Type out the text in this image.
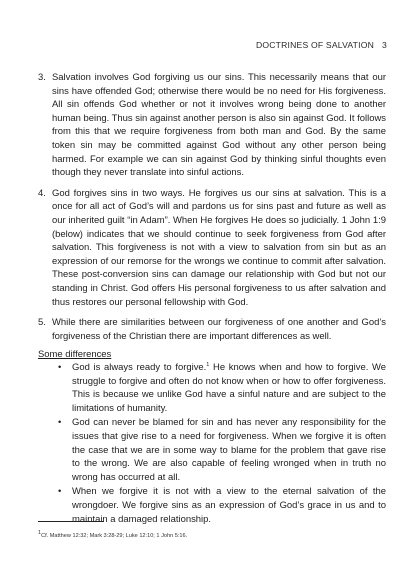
DOCTRINES OF SALVATION 3
3. Salvation involves God forgiving us our sins. This necessarily means that our sins have offended God; otherwise there would be no need for His forgiveness. All sin offends God whether or not it involves wrong being done to another human being. Thus sin against another person is also sin against God. It follows from this that we require forgiveness from both man and God. By the same token sin may be committed against God without any other person being harmed. For example we can sin against God by thinking sinful thoughts even though they never translate into sinful actions.
4. God forgives sins in two ways. He forgives us our sins at salvation. This is a once for all act of God’s will and pardons us for sins past and future as well as our inherited guilt “in Adam”. When He forgives He does so judicially. 1 John 1:9 (below) indicates that we should continue to seek forgiveness from God after salvation. This forgiveness is not with a view to salvation from sin but as an expression of our remorse for the wrongs we continue to commit after salvation. These post-conversion sins can damage our relationship with God but not our standing in Christ. God offers His personal forgiveness to us after salvation and thus restores our personal fellowship with God.
5. While there are similarities between our forgiveness of one another and God’s forgiveness of the Christian there are important differences as well.
Some differences
• God is always ready to forgive.$^1$ He knows when and how to forgive. We struggle to forgive and often do not know when or how to offer forgiveness. This is because we unlike God have a sinful nature and are subject to the limitations of humanity.
• God can never be blamed for sin and has never any responsibility for the issues that give rise to a need for forgiveness. When we forgive it is often the case that we are in some way to blame for the problem that gave rise to the wrong. We are also capable of feeling wronged when in truth no wrong has occurred at all.
• When we forgive it is not with a view to the eternal salvation of the wrongdoer. We forgive sins as an expression of God’s grace in us and to maintain a damaged relationship.
$^1$Cf. Matthew 12:32; Mark 3:28-29; Luke 12:10; 1 John 5:16.
